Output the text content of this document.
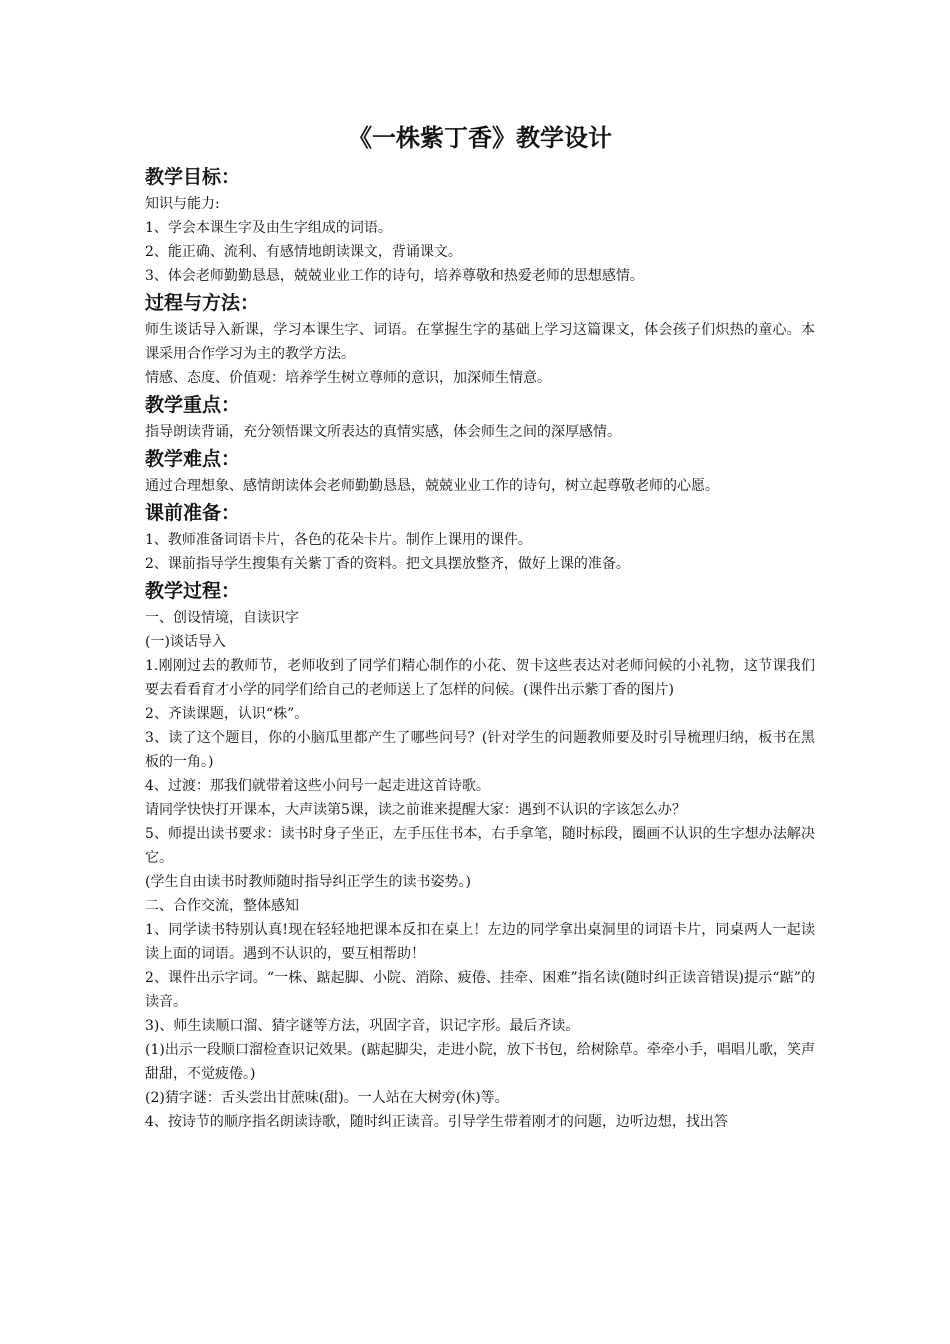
《一株紫丁香》教学设计
教学目标：
知识与能力:
1、学会本课生字及由生字组成的词语。
2、能正确、流利、有感情地朗读课文，背诵课文。
3、体会老师勤勤恳恳，兢兢业业工作的诗句，培养尊敬和热爱老师的思想感情。
过程与方法：
师生谈话导入新课，学习本课生字、词语。在掌握生字的基础上学习这篇课文，体会孩子们炽热的童心。本课采用合作学习为主的教学方法。
情感、态度、价值观：培养学生树立尊师的意识，加深师生情意。
教学重点：
指导朗读背诵，充分领悟课文所表达的真情实感，体会师生之间的深厚感情。
教学难点：
通过合理想象、感情朗读体会老师勤勤恳恳，兢兢业业工作的诗句，树立起尊敬老师的心愿。
课前准备：
1、教师准备词语卡片，各色的花朵卡片。制作上课用的课件。
2、课前指导学生搜集有关紫丁香的资料。把文具摆放整齐，做好上课的准备。
教学过程：
一、创设情境，自读识字
(一)谈话导入
1.刚刚过去的教师节，老师收到了同学们精心制作的小花、贺卡这些表达对老师问候的小礼物，这节课我们要去看看育才小学的同学们给自己的老师送上了怎样的问候。(课件出示紫丁香的图片)
2、齐读课题，认识“株”。
3、读了这个题目，你的小脑瓜里都产生了哪些问号？(针对学生的问题教师要及时引导梳理归纳，板书在黑板的一角。)
4、过渡：那我们就带着这些小问号一起走进这首诗歌。
请同学快快打开课本，大声读第5课，读之前谁来提醒大家：遇到不认识的字该怎么办？
5、师提出读书要求：读书时身子坐正，左手压住书本，右手拿笔，随时标段，圈画不认识的生字想办法解决它。
(学生自由读书时教师随时指导纠正学生的读书姿势。)
二、合作交流，整体感知
1、同学读书特别认真!现在轻轻地把课本反扣在桌上！左边的同学拿出桌洞里的词语卡片，同桌两人一起读读上面的词语。遇到不认识的，要互相帮助！
2、课件出示字词。“一株、踮起脚、小院、消除、疲倦、挂牵、困难”指名读(随时纠正读音错误)提示“踮”的读音。
3)、师生读顺口溜、猜字谜等方法，巩固字音，识记字形。最后齐读。
(1)出示一段顺口溜检查识记效果。(踮起脚尖，走进小院，放下书包，给树除草。牵牵小手，唱唱儿歌，笑声甜甜，不觉疲倦。)
(2)猜字谜：舌头尝出甘蔗味(甜)。一人站在大树旁(休)等。
4、按诗节的顺序指名朗读诗歌，随时纠正读音。引导学生带着刚才的问题，边听边想，找出答
